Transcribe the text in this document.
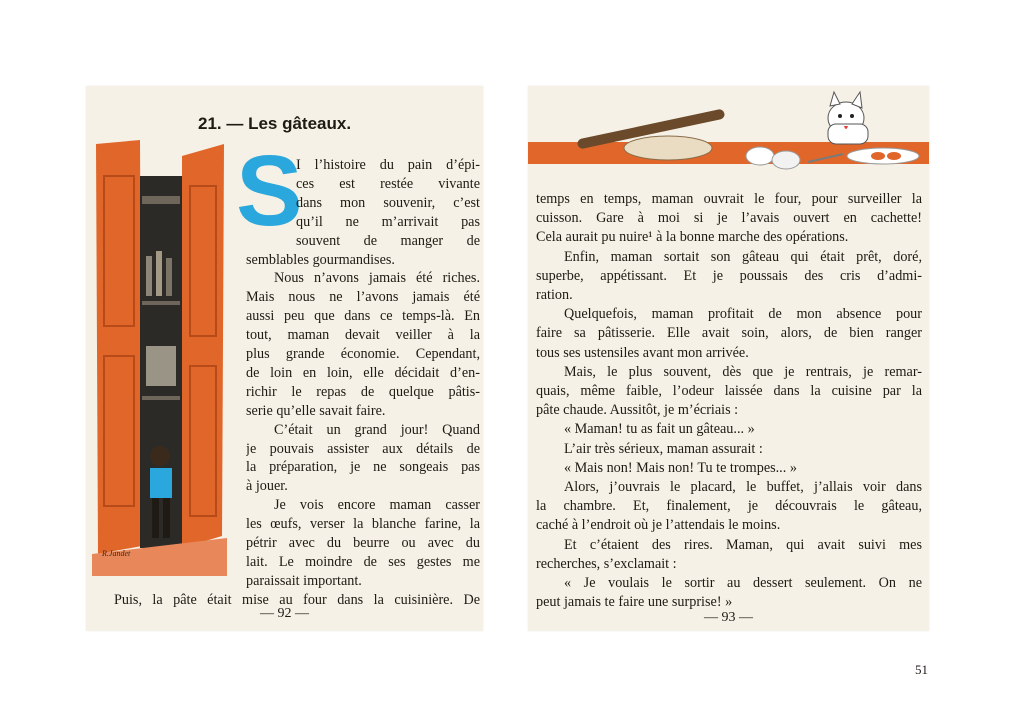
R.Jandet
21. — Les gâteaux.
S
I l’histoire du pain d’épi-
ces est restée vivante
dans mon souvenir, c’est
qu’il ne m’arrivait pas
souvent de manger de
semblables gourmandises.
Nous n’avons jamais été riches.
Mais nous ne l’avons jamais été
aussi peu que dans ce temps-là. En
tout, maman devait veiller à la
plus grande économie. Cependant,
de loin en loin, elle décidait d’en-
richir le repas de quelque pâtis-
serie qu’elle savait faire.
C’était un grand jour! Quand
je pouvais assister aux détails de
la préparation, je ne songeais pas
à jouer.
Je vois encore maman casser
les œufs, verser la blanche farine, la
pétrir avec du beurre ou avec du
lait. Le moindre de ses gestes me
paraissait important.
Puis, la pâte était mise au four dans la cuisinière. De
— 92 —
temps en temps, maman ouvrait le four, pour surveiller la
cuisson. Gare à moi si je l’avais ouvert en cachette!
Cela aurait pu nuire¹ à la bonne marche des opérations.
Enfin, maman sortait son gâteau qui était prêt, doré,
superbe, appétissant. Et je poussais des cris d’admi-
ration.
Quelquefois, maman profitait de mon absence pour
faire sa pâtisserie. Elle avait soin, alors, de bien ranger
tous ses ustensiles avant mon arrivée.
Mais, le plus souvent, dès que je rentrais, je remar-
quais, même faible, l’odeur laissée dans la cuisine par la
pâte chaude. Aussitôt, je m’écriais :
« Maman! tu as fait un gâteau... »
L’air très sérieux, maman assurait :
« Mais non! Mais non! Tu te trompes... »
Alors, j’ouvrais le placard, le buffet, j’allais voir dans
la chambre. Et, finalement, je découvrais le gâteau,
caché à l’endroit où je l’attendais le moins.
Et c’étaient des rires. Maman, qui avait suivi mes
recherches, s’exclamait :
« Je voulais le sortir au dessert seulement. On ne
peut jamais te faire une surprise! »
— 93 —
51
